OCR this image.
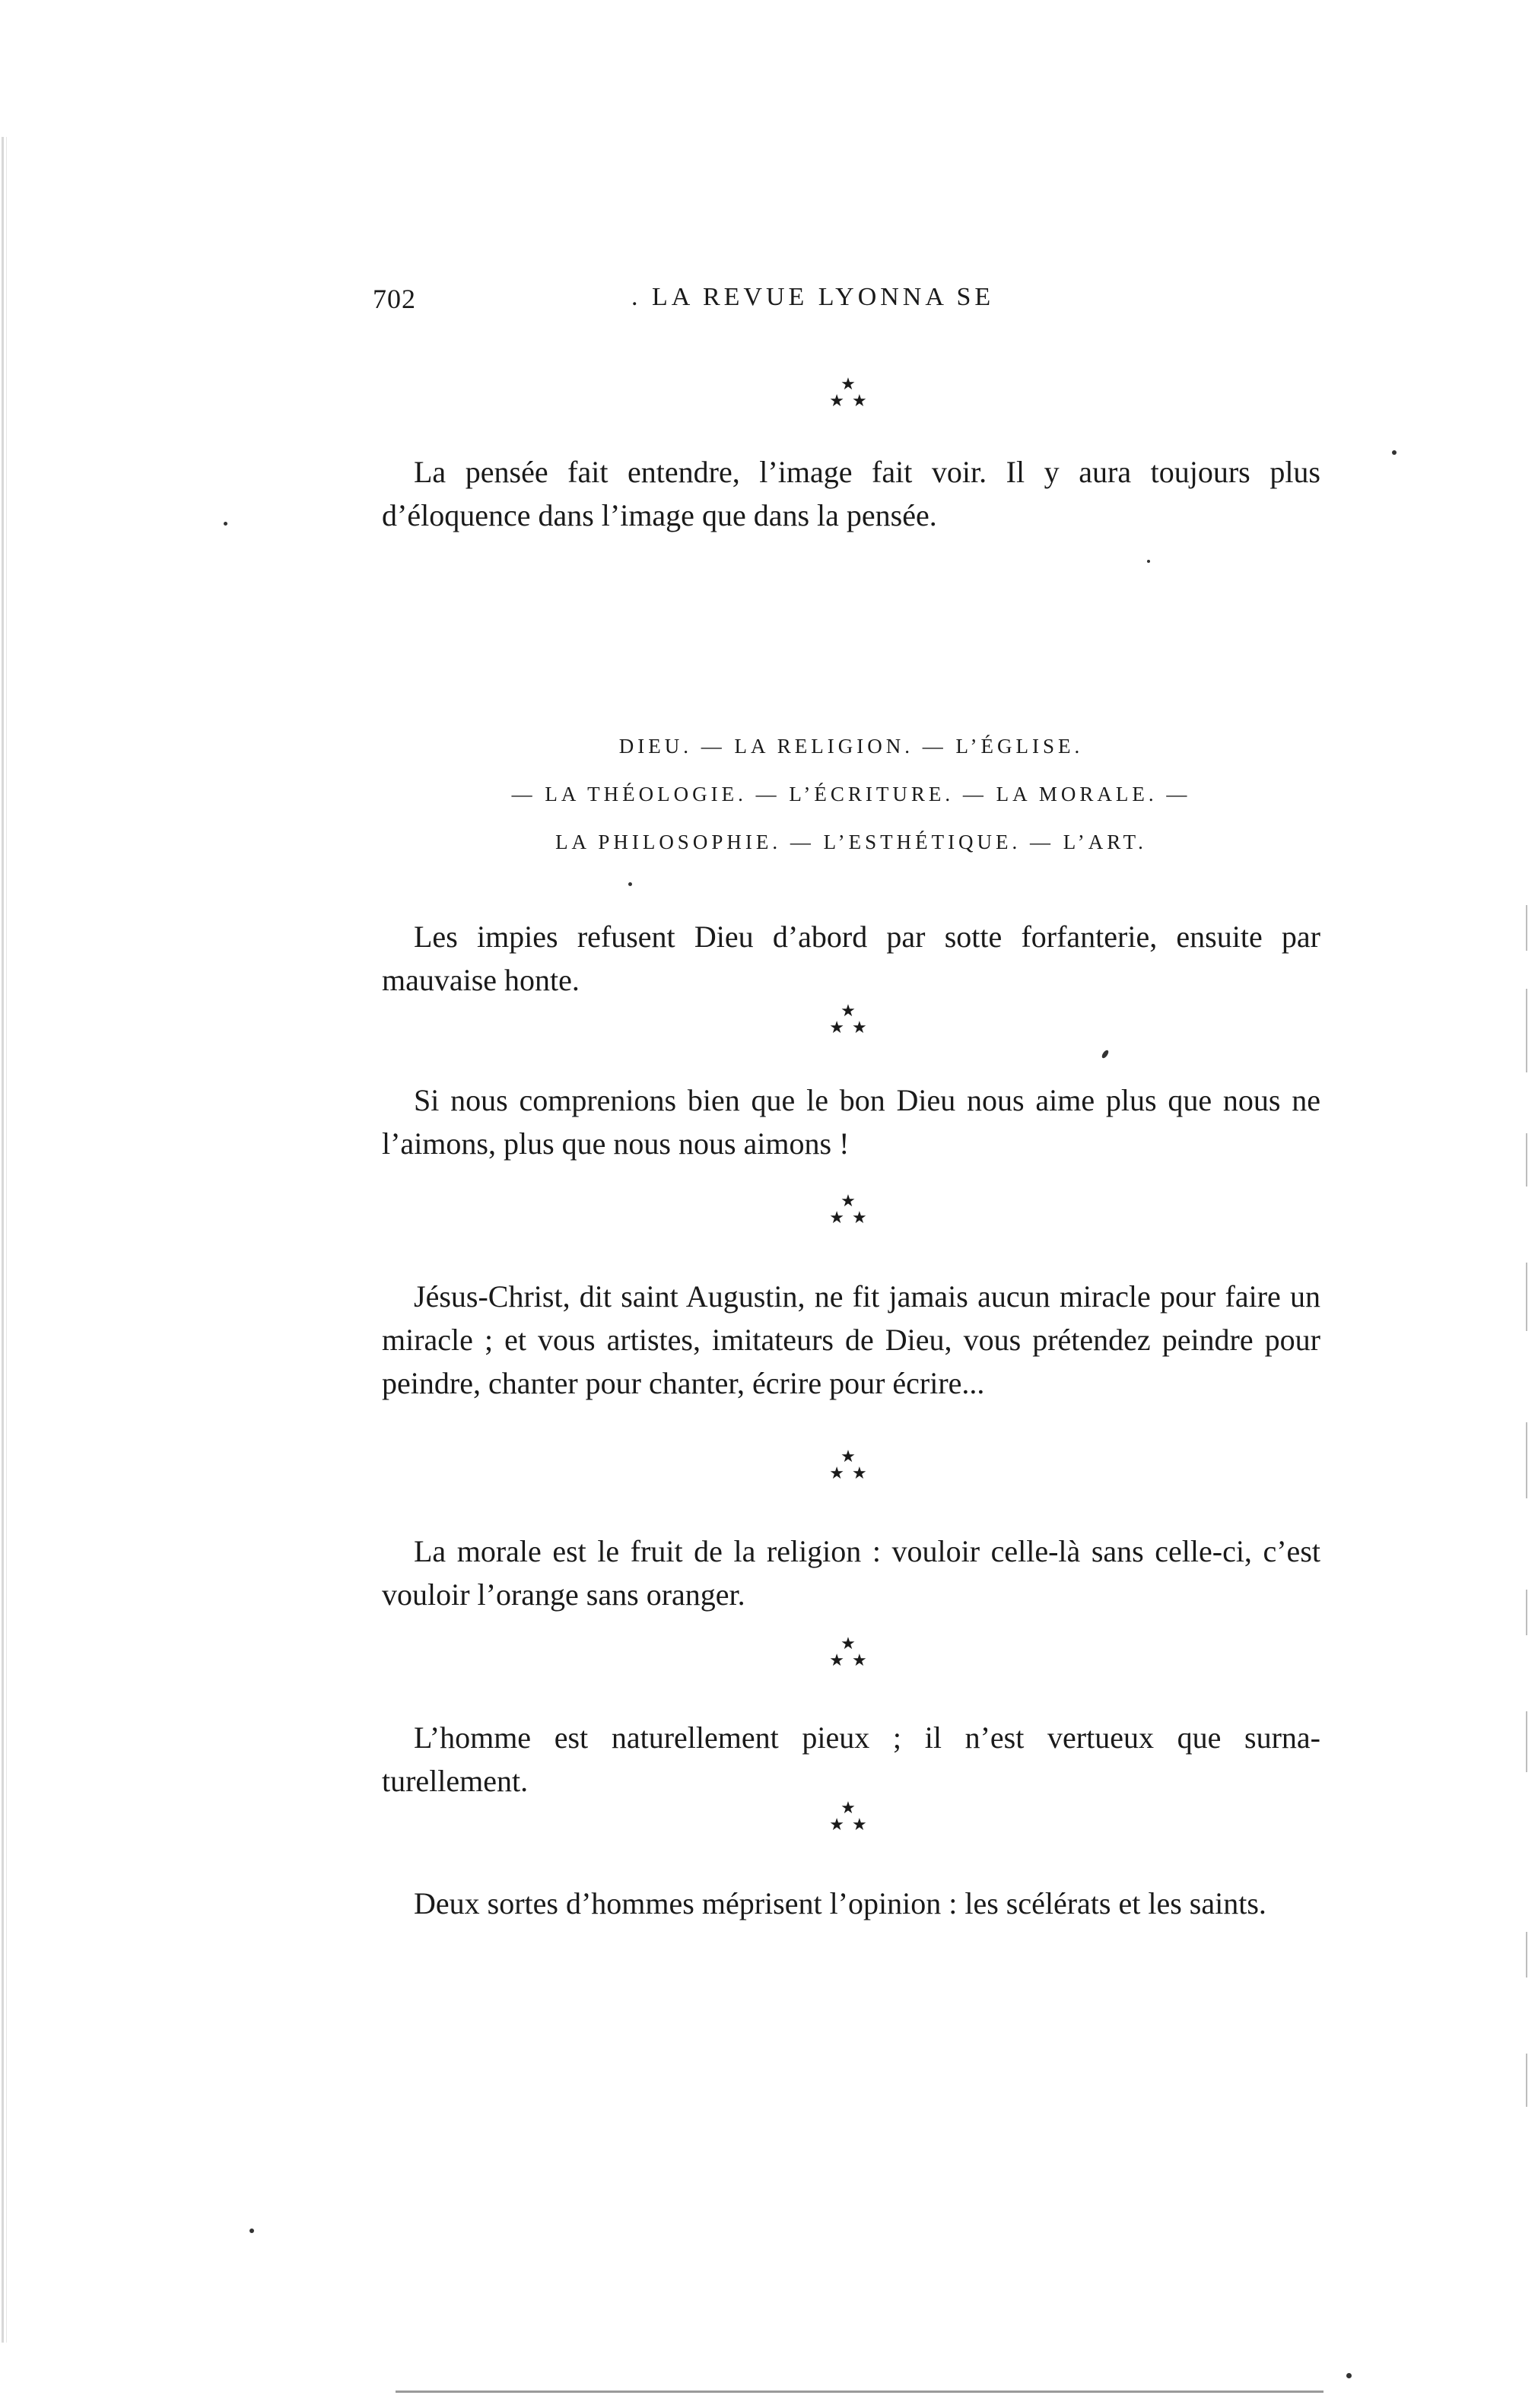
702	. LA REVUE LYONNA SE
★
★★

La pensée fait entendre, l’image fait voir. Il y aura toujours plus d’éloquence dans l’image que dans la pensée.

DIEU. — LA RELIGION. — L’ÉGLISE.
— LA THÉOLOGIE. — L’ÉCRITURE. — LA MORALE. —
LA PHILOSOPHIE. — L’ESTHÉTIQUE. — L’ART.

Les impies refusent Dieu d’abord par sotte forfanterie, ensuite par mauvaise honte.

★
★★

Si nous comprenions bien que le bon Dieu nous aime plus que nous ne l’aimons, plus que nous nous aimons !

★
★★

Jésus-Christ, dit saint Augustin, ne fit jamais aucun miracle pour faire un miracle ; et vous artistes, imitateurs de Dieu, vous prétendez peindre pour peindre, chanter pour chanter, écrire pour écrire...

★
★★

La morale est le fruit de la religion : vouloir celle-là sans celle-ci, c’est vouloir l’orange sans oranger.

★
★★

L’homme est naturellement pieux ; il n’est vertueux que surna-turellement.

★
★★

Deux sortes d’hommes méprisent l’opinion : les scélérats et les saints.
